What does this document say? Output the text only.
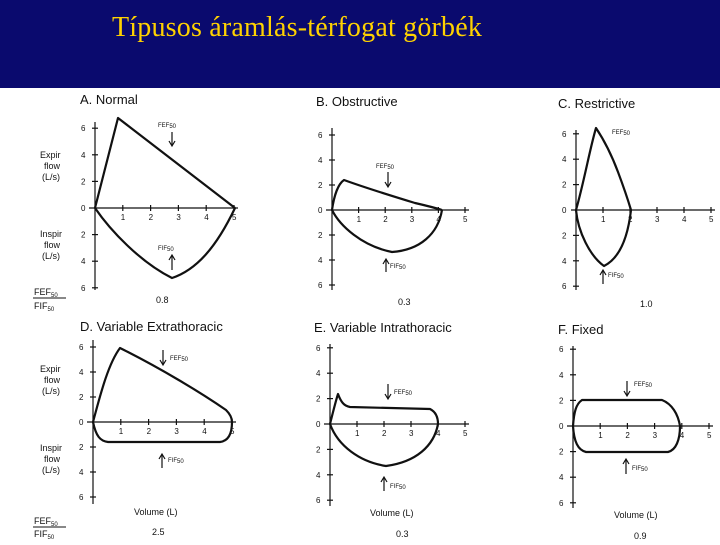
Típusos áramlás-térfogat görbék
Expir
flow
(L/s)
Inspir
flow
(L/s)
Expir
flow
(L/s)
Inspir
flow
(L/s)
$FEF_{50}$
$FIF_{50}$
$FEF_{50}$
$FIF_{50}$
A. Normal
1	2	3	4	5
6
4
2
0
2
4
6
FEF50
FIF50
0.8
B. Obstructive
1	2	3	4	5
6
4
2
0
2
4
6
FEF50
FIF50
0.3
C. Restrictive
1	2	3	4	5
6
4
2
0
2
4
6
FEF50
FIF50
1.0
D. Variable Extrathoracic
1	2	3	4	5
6
4
2
0
2
4
6
FEF50
FIF50
2.5
E. Variable Intrathoracic
1	2	3	4	5
6
4
2
0
2
4
6
FEF50
FIF50
0.3
F. Fixed
1	2	3	4	5
6
4
2
0
2
4
6
FEF50
FIF50
0.9
Volume (L)	Volume (L)	Volume (L)
